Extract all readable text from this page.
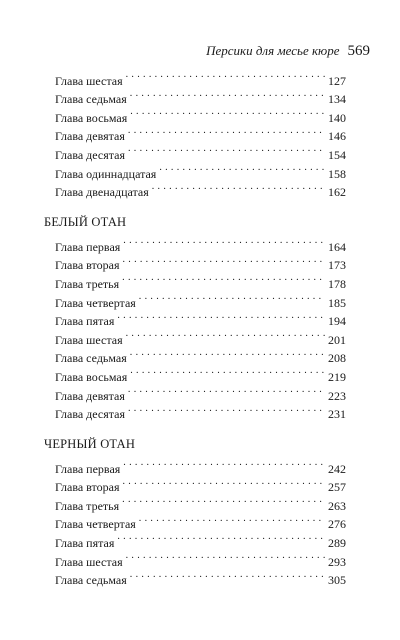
Персики для месье кюре 569
Глава шестая . . .	127
Глава седьмая . . .	134
Глава восьмая . . .	140
Глава девятая . . .	146
Глава десятая . . .	154
Глава одиннадцатая . . .	158
Глава двенадцатая . . .	162
БЕЛЫЙ ОТАН
Глава первая . . .	164
Глава вторая . . .	173
Глава третья . . .	178
Глава четвертая . . .	185
Глава пятая . . .	194
Глава шестая . . .	201
Глава седьмая . . .	208
Глава восьмая . . .	219
Глава девятая . . .	223
Глава десятая . . .	231
ЧЕРНЫЙ ОТАН
Глава первая . . .	242
Глава вторая . . .	257
Глава третья . . .	263
Глава четвертая . . .	276
Глава пятая . . .	289
Глава шестая . . .	293
Глава седьмая . . .	305
